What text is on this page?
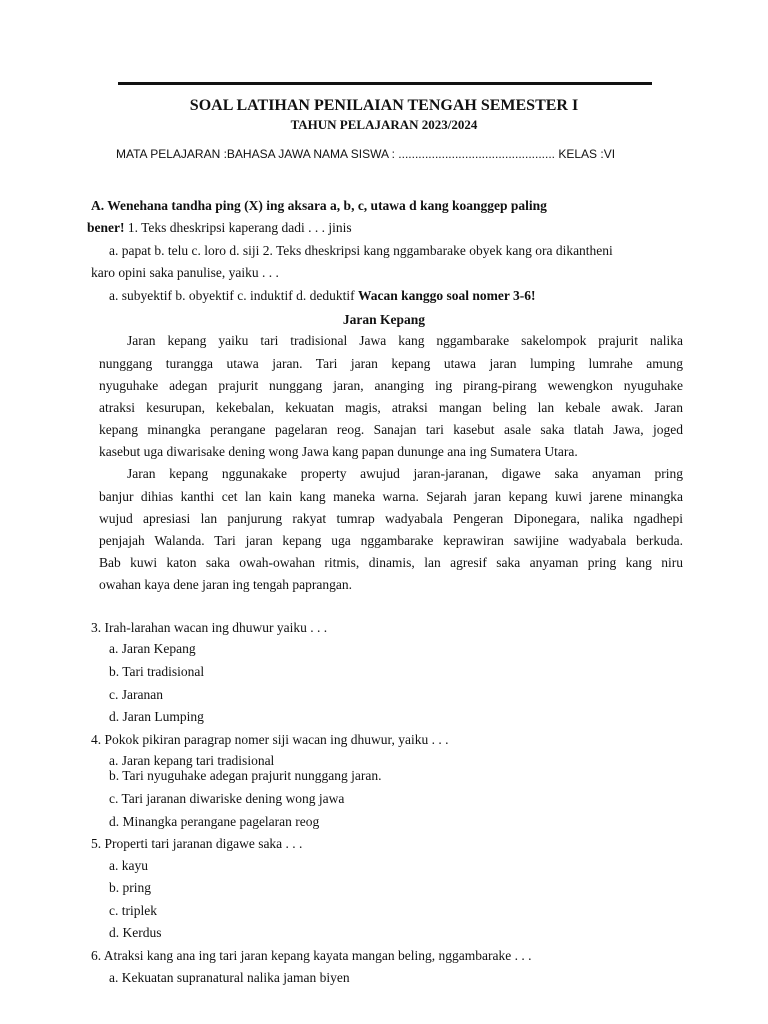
SOAL LATIHAN PENILAIAN TENGAH SEMESTER I
TAHUN PELAJARAN 2023/2024
MATA PELAJARAN :BAHASA JAWA NAMA SISWA : ............................................... KELAS :VI
A. Wenehana tandha ping (X) ing aksara a, b, c, utawa d kang koanggep paling
bener! 1. Teks dheskripsi kaperang dadi . . . jinis
a. papat b. telu c. loro d. siji 2. Teks dheskripsi kang nggambarake obyek kang ora dikantheni
karo opini saka panulise, yaiku . . .
a. subyektif b. obyektif c. induktif d. deduktif Wacan kanggo soal nomer 3-6!
Jaran Kepang
Jaran kepang yaiku tari tradisional Jawa kang nggambarake sakelompok prajurit nalika
nunggang turangga utawa jaran. Tari jaran kepang utawa jaran lumping lumrahe amung
nyuguhake adegan prajurit nunggang jaran, ananging ing pirang-pirang wewengkon nyuguhake
atraksi kesurupan, kekebalan, kekuatan magis, atraksi mangan beling lan kebale awak. Jaran
kepang minangka perangane pagelaran reog. Sanajan tari kasebut asale saka tlatah Jawa, joged
kasebut uga diwarisake dening wong Jawa kang papan dununge ana ing Sumatera Utara.
Jaran kepang nggunakake property awujud jaran-jaranan, digawe saka anyaman pring
banjur dihias kanthi cet lan kain kang maneka warna. Sejarah jaran kepang kuwi jarene minangka
wujud apresiasi lan panjurung rakyat tumrap wadyabala Pengeran Diponegara, nalika ngadhepi
penjajah Walanda. Tari jaran kepang uga nggambarake keprawiran sawijine wadyabala berkuda.
Bab kuwi katon saka owah-owahan ritmis, dinamis, lan agresif saka anyaman pring kang niru
owahan kaya dene jaran ing tengah paprangan.
3. Irah-larahan wacan ing dhuwur yaiku . . .
a. Jaran Kepang
b. Tari tradisional
c. Jaranan
d. Jaran Lumping
4. Pokok pikiran paragrap nomer siji wacan ing dhuwur, yaiku . . .
a. Jaran kepang tari tradisional
b. Tari nyuguhake adegan prajurit nunggang jaran.
c. Tari jaranan diwariske dening wong jawa
d. Minangka perangane pagelaran reog
5. Properti tari jaranan digawe saka . . .
a. kayu
b. pring
c. triplek
d. Kerdus
6. Atraksi kang ana ing tari jaran kepang kayata mangan beling, nggambarake . . .
a. Kekuatan supranatural nalika jaman biyen
